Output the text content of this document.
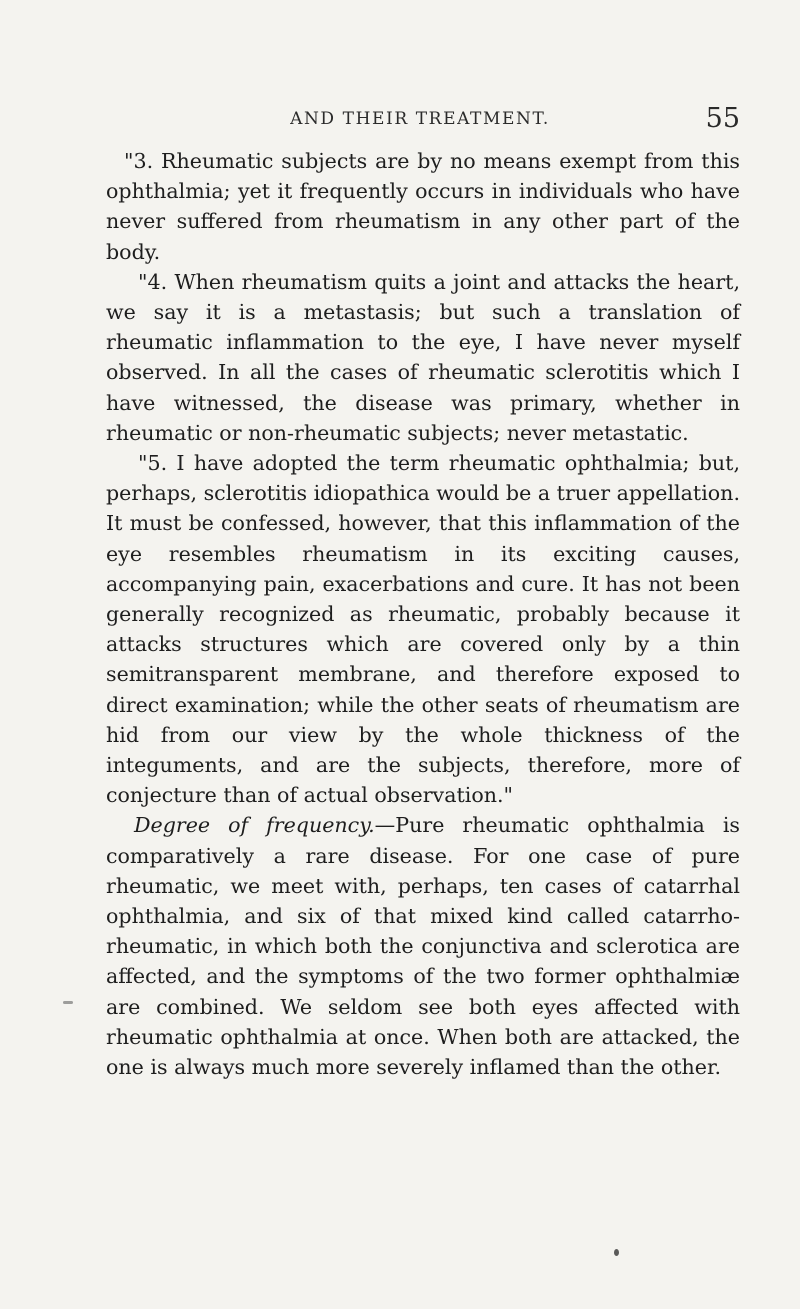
AND THEIR TREATMENT.	55

"3. Rheumatic subjects are by no means exempt from this ophthalmia; yet it frequently occurs in individuals who have never suffered from rheumatism in any other part of the body.

"4. When rheumatism quits a joint and attacks the heart, we say it is a metastasis; but such a translation of rheumatic inflammation to the eye, I have never myself observed. In all the cases of rheumatic sclerotitis which I have witnessed, the disease was primary, whether in rheumatic or non-rheumatic subjects; never metastatic.

"5. I have adopted the term rheumatic ophthalmia; but, perhaps, sclerotitis idiopathica would be a truer appellation. It must be confessed, however, that this inflammation of the eye resembles rheumatism in its exciting causes, accompanying pain, exacerbations and cure. It has not been generally recognized as rheumatic, probably because it attacks structures which are covered only by a thin semitransparent membrane, and therefore exposed to direct examination; while the other seats of rheumatism are hid from our view by the whole thickness of the integuments, and are the subjects, therefore, more of conjecture than of actual observation."

Degree of frequency.—Pure rheumatic ophthalmia is comparatively a rare disease. For one case of pure rheumatic, we meet with, perhaps, ten cases of catarrhal ophthalmia, and six of that mixed kind called catarrho-rheumatic, in which both the conjunctiva and sclerotica are affected, and the symptoms of the two former ophthalmiæ are combined. We seldom see both eyes affected with rheumatic ophthalmia at once. When both are attacked, the one is always much more severely inflamed than the other.
